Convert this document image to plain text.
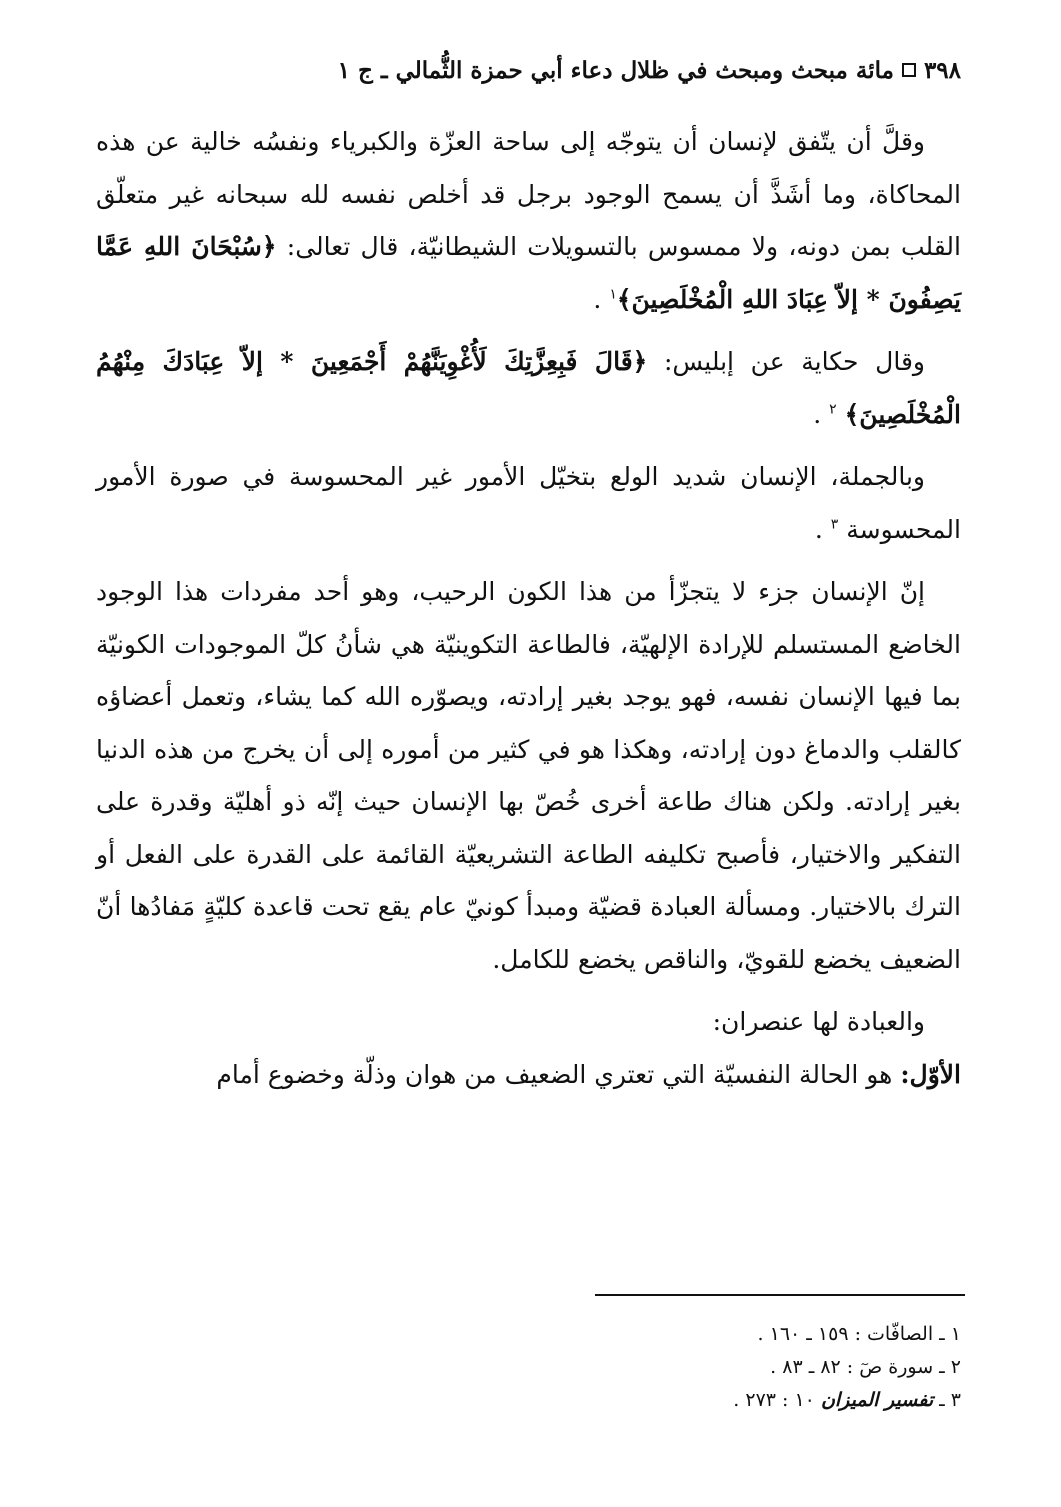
٣٩٨
مائة مبحث ومبحث في ظلال دعاء أبي حمزة الثُّمالي ـ ج ١

وقلَّ أن يتّفق لإنسان أن يتوجّه إلى ساحة العزّة والكبرياء ونفسُه خالية عن هذه المحاكاة، وما أشَذَّ أن يسمح الوجود برجل قد أخلص نفسه لله سبحانه غير متعلّق القلب بمن دونه، ولا ممسوس بالتسويلات الشيطانيّة، قال تعالى: ﴿سُبْحَانَ اللهِ عَمَّا يَصِفُونَ * إلاّ عِبَادَ اللهِ الْمُخْلَصِينَ﴾$^١$ .

وقال حكاية عن إبليس: ﴿قَالَ فَبِعِزَّتِكَ لَأُغْوِيَنَّهُمْ أَجْمَعِينَ * إلاّ عِبَادَكَ مِنْهُمُ الْمُخْلَصِينَ﴾ $^٢$ .

وبالجملة، الإنسان شديد الولع بتخيّل الأمور غير المحسوسة في صورة الأمور المحسوسة $^٣$ .

إنّ الإنسان جزء لا يتجزّأ من هذا الكون الرحيب، وهو أحد مفردات هذا الوجود الخاضع المستسلم للإرادة الإلهيّة، فالطاعة التكوينيّة هي شأنُ كلّ الموجودات الكونيّة بما فيها الإنسان نفسه، فهو يوجد بغير إرادته، ويصوّره الله كما يشاء، وتعمل أعضاؤه كالقلب والدماغ دون إرادته، وهكذا هو في كثير من أموره إلى أن يخرج من هذه الدنيا بغير إرادته. ولكن هناك طاعة أخرى خُصّ بها الإنسان حيث إنّه ذو أهليّة وقدرة على التفكير والاختيار، فأصبح تكليفه الطاعة التشريعيّة القائمة على القدرة على الفعل أو الترك بالاختيار. ومسألة العبادة قضيّة ومبدأ كونيّ عام يقع تحت قاعدة كليّةٍ مَفادُها أنّ الضعيف يخضع للقويّ، والناقص يخضع للكامل.

والعبادة لها عنصران:

الأوّل: هو الحالة النفسيّة التي تعتري الضعيف من هوان وذلّة وخضوع أمام

١ ـ الصافّات : ١٥٩ ـ ١٦٠ .
٢ ـ سورة صٓ : ٨٢ ـ ٨٣ .
٣ ـ تفسير الميزان ١٠ : ٢٧٣ .
